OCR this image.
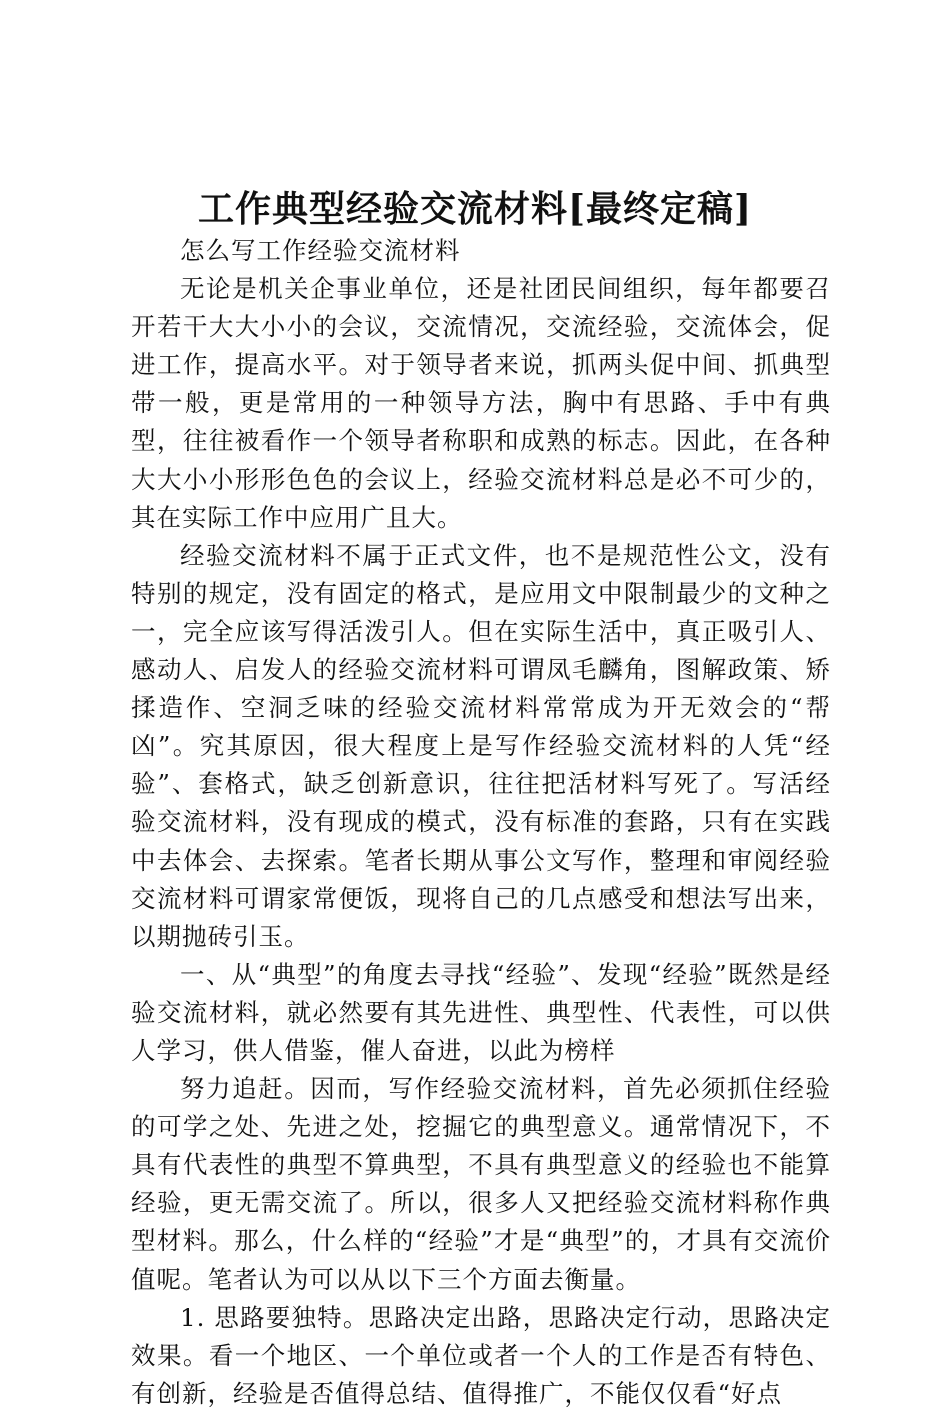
工作典型经验交流材料[最终定稿]

怎么写工作经验交流材料

无论是机关企事业单位，还是社团民间组织，每年都要召开若干大大小小的会议，交流情况，交流经验，交流体会，促进工作，提高水平。对于领导者来说，抓两头促中间、抓典型带一般，更是常用的一种领导方法，胸中有思路、手中有典型，往往被看作一个领导者称职和成熟的标志。因此，在各种大大小小形形色色的会议上，经验交流材料总是必不可少的，其在实际工作中应用广且大。

经验交流材料不属于正式文件，也不是规范性公文，没有特别的规定，没有固定的格式，是应用文中限制最少的文种之一，完全应该写得活泼引人。但在实际生活中，真正吸引人、感动人、启发人的经验交流材料可谓凤毛麟角，图解政策、矫揉造作、空洞乏味的经验交流材料常常成为开无效会的“帮凶”。究其原因，很大程度上是写作经验交流材料的人凭“经验”、套格式，缺乏创新意识，往往把活材料写死了。写活经验交流材料，没有现成的模式，没有标准的套路，只有在实践中去体会、去探索。笔者长期从事公文写作，整理和审阅经验交流材料可谓家常便饭，现将自己的几点感受和想法写出来，以期抛砖引玉。

一、从“典型”的角度去寻找“经验”、发现“经验”既然是经验交流材料，就必然要有其先进性、典型性、代表性，可以供人学习，供人借鉴，催人奋进，以此为榜样

努力追赶。因而，写作经验交流材料，首先必须抓住经验的可学之处、先进之处，挖掘它的典型意义。通常情况下，不具有代表性的典型不算典型，不具有典型意义的经验也不能算经验，更无需交流了。所以，很多人又把经验交流材料称作典型材料。那么，什么样的“经验”才是“典型”的，才具有交流价值呢。笔者认为可以从以下三个方面去衡量。

1. 思路要独特。思路决定出路，思路决定行动，思路决定效果。看一个地区、一个单位或者一个人的工作是否有特色、有创新，经验是否值得总结、值得推广，不能仅仅看“好点
